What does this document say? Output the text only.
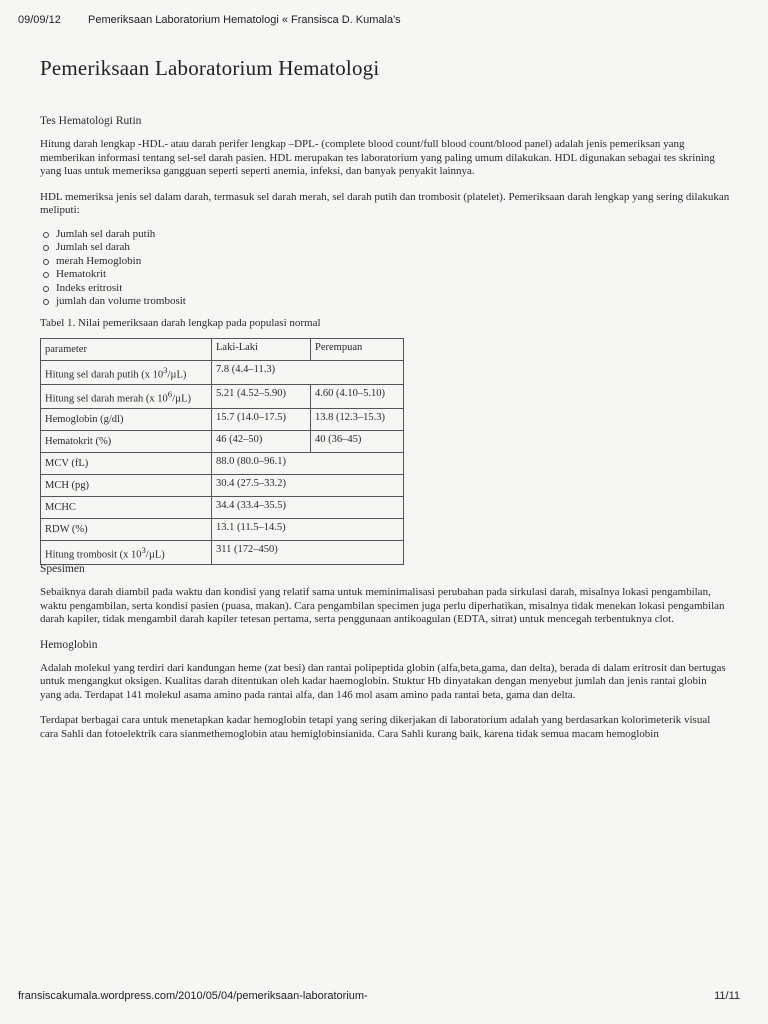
09/09/12 Pemeriksaan Laboratorium Hematologi « Fransisca D. Kumala's
Pemeriksaan Laboratorium Hematologi
Tes Hematologi Rutin

Hitung darah lengkap -HDL- atau darah perifer lengkap –DPL- (complete blood count/full blood count/blood panel) adalah jenis pemeriksan yang memberikan informasi tentang sel-sel darah pasien. HDL merupakan tes laboratorium yang paling umum dilakukan. HDL digunakan sebagai tes skrining yang luas untuk memeriksa gangguan seperti seperti anemia, infeksi, dan banyak penyakit lainnya.

HDL memeriksa jenis sel dalam darah, termasuk sel darah merah, sel darah putih dan trombosit (platelet). Pemeriksaan darah lengkap yang sering dilakukan meliputi:

Jumlah sel darah putih
Jumlah sel darah
merah Hemoglobin
Hematokrit
Indeks eritrosit
jumlah dan volume trombosit
Tabel 1. Nilai pemeriksaan darah lengkap pada populasi normal
parameter	Laki-Laki	Perempuan
Hitung sel darah putih (x $10^3/\mu L$)	7.8 (4.4–11.3)	
Hitung sel darah merah (x $10^6/\mu L$)	5.21 (4.52–5.90)	4.60 (4.10–5.10)
Hemoglobin (g/dl)	15.7 (14.0–17.5)	13.8 (12.3–15.3)
Hematokrit (%)	46 (42–50)	40 (36–45)
MCV (fL)	88.0 (80.0–96.1)	
MCH (pg)	30.4 (27.5–33.2)	
MCHC	34.4 (33.4–35.5)	
RDW (%)	13.1 (11.5–14.5)	
Hitung trombosit (x $10^3/\mu L$)	311 (172–450)	
Spesimen

Sebaiknya darah diambil pada waktu dan kondisi yang relatif sama untuk meminimalisasi perubahan pada sirkulasi darah, misalnya lokasi pengambilan, waktu pengambilan, serta kondisi pasien (puasa, makan). Cara pengambilan specimen juga perlu diperhatikan, misalnya tidak menekan lokasi pengambilan darah kapiler, tidak mengambil darah kapiler tetesan pertama, serta penggunaan antikoagulan (EDTA, sitrat) untuk mencegah terbentuknya clot.

Hemoglobin

Adalah molekul yang terdiri dari kandungan heme (zat besi) dan rantai polipeptida globin (alfa,beta,gama, dan delta), berada di dalam eritrosit dan bertugas untuk mengangkut oksigen. Kualitas darah ditentukan oleh kadar haemoglobin. Stuktur Hb dinyatakan dengan menyebut jumlah dan jenis rantai globin yang ada. Terdapat 141 molekul asama amino pada rantai alfa, dan 146 mol asam amino pada rantai beta, gama dan delta.

Terdapat berbagai cara untuk menetapkan kadar hemoglobin tetapi yang sering dikerjakan di laboratorium adalah yang berdasarkan kolorimeterik visual cara Sahli dan fotoelektrik cara sianmethemoglobin atau hemiglobinsianida. Cara Sahli kurang baik, karena tidak semua macam hemoglobin

fransiscakumala.wordpress.com/2010/05/04/pemeriksaan-laboratorium-	11/11
